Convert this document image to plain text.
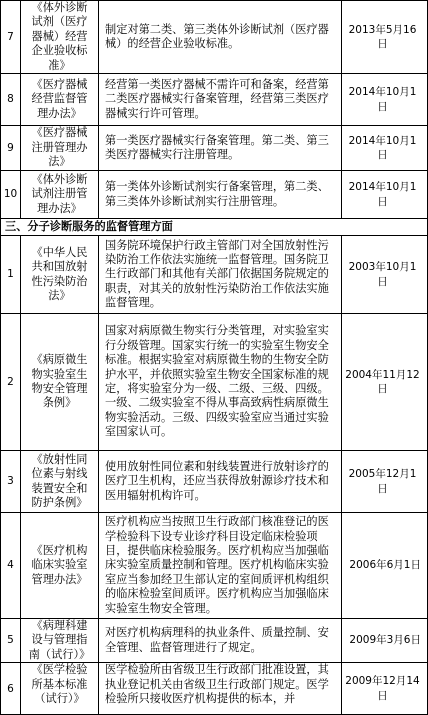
7	《体外诊断试剂（医疗器械）经营企业验收标准》	制定对第二类、第三类体外诊断试剂（医疗器械）的经营企业验收标准。	2013年5月16日
8	《医疗器械经营监督管理办法》	经营第一类医疗器械不需许可和备案，经营第二类医疗器械实行备案管理，经营第三类医疗器械实行许可管理。	2014年10月1日
9	《医疗器械注册管理办法》	第一类医疗器械实行备案管理。第二类、第三类医疗器械实行注册管理。	2014年10月1日
10	《体外诊断试剂注册管理办法》	第一类体外诊断试剂实行备案管理，第二类、第三类体外诊断试剂实行注册管理。	2014年10月1日
三、分子诊断服务的监督管理方面			
1	《中华人民共和国放射性污染防治法》	国务院环境保护行政主管部门对全国放射性污染防治工作依法实施统一监督管理。国务院卫生行政部门和其他有关部门依据国务院规定的职责，对其关的放射性污染防治工作依法实施监督管理。	2003年10月1日
2	《病原微生物实验室生物安全管理条例》	国家对病原微生物实行分类管理，对实验室实行分级管理。国家实行统一的实验室生物安全标准。根据实验室对病原微生物的生物安全防护水平，并依照实验室生物安全国家标准的规定，将实验室分为一级、二级、三级、四级。一级、二级实验室不得从事高致病性病原微生物实验活动。三级、四级实验室应当通过实验室国家认可。	2004年11月12日
3	《放射性同位素与射线装置安全和防护条例》	使用放射性同位素和射线装置进行放射诊疗的医疗卫生机构，还应当获得放射源诊疗技术和医用辐射机构许可。	2005年12月1日
4	《医疗机构临床实验室管理办法》	医疗机构应当按照卫生行政部门核准登记的医学检验科下设专业诊疗科目设定临床检验项目，提供临床检验服务。医疗机构应当加强临床实验室质量控制和管理。医疗机构临床实验室应当参加经卫生部认定的室间质评机构组织的临床检验室间质评。医疗机构应当加强临床实验室生物安全管理。	2006年6月1日
5	《病理科建设与管理指南（试行）》	对医疗机构病理科的执业条件、质量控制、安全管理、监督管理进行了规定。	2009年3月6日
6	《医学检验所基本标准（试行）》	医学检验所由省级卫生行政部门批准设置，其执业登记机关由省级卫生行政部门规定。医学检验所只接收医疗机构提供的标本，并	2009年12月14日
